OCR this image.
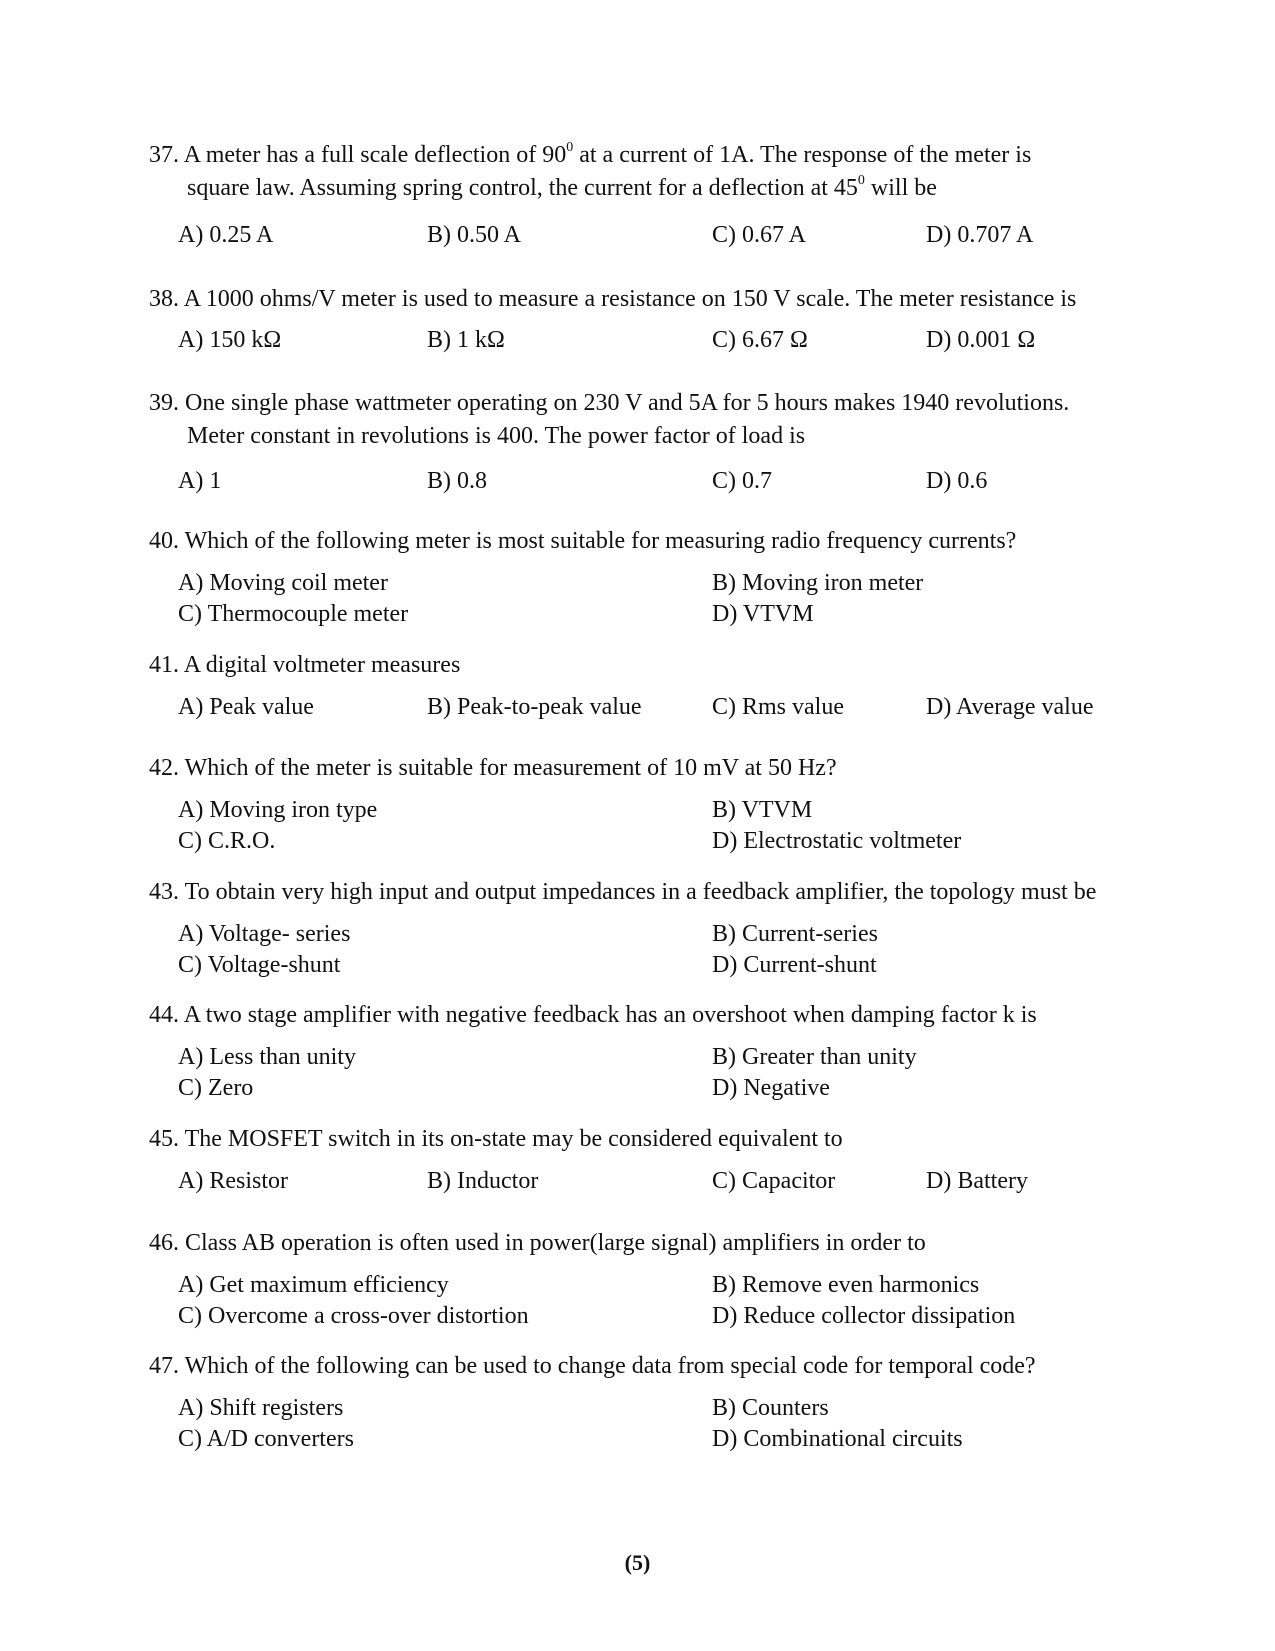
37. A meter has a full scale deflection of $90^0$ at a current of 1A. The response of the meter is
square law. Assuming spring control, the current for a deflection at $45^0$ will be
A) 0.25 A	B) 0.50 A	C) 0.67 A	D) 0.707 A
38. A 1000 ohms/V meter is used to measure a resistance on 150 V scale. The meter resistance is
A) 150 kΩ	B) 1 kΩ	C) 6.67 Ω	D) 0.001 Ω
39. One single phase wattmeter operating on 230 V and 5A for 5 hours makes 1940 revolutions.
Meter constant in revolutions is 400. The power factor of load is
A) 1	B) 0.8	C) 0.7	D) 0.6
40. Which of the following meter is most suitable for measuring radio frequency currents?
A) Moving coil meter	B) Moving iron meter
C) Thermocouple meter	D) VTVM
41. A digital voltmeter measures
A) Peak value	B) Peak-to-peak value	C) Rms value	D) Average value
42. Which of the meter is suitable for measurement of 10 mV at 50 Hz?
A) Moving iron type	B) VTVM
C) C.R.O.	D) Electrostatic voltmeter
43. To obtain very high input and output impedances in a feedback amplifier, the topology must be
A) Voltage- series	B) Current-series
C) Voltage-shunt	D) Current-shunt
44. A two stage amplifier with negative feedback has an overshoot when damping factor k is
A) Less than unity	B) Greater than unity
C) Zero	D) Negative
45. The MOSFET switch in its on-state may be considered equivalent to
A) Resistor	B) Inductor	C) Capacitor	D) Battery
46. Class AB operation is often used in power(large signal) amplifiers in order to
A) Get maximum efficiency	B) Remove even harmonics
C) Overcome a cross-over distortion	D) Reduce collector dissipation
47. Which of the following can be used to change data from special code for temporal code?
A) Shift registers	B) Counters
C) A/D converters	D) Combinational circuits
(5)
